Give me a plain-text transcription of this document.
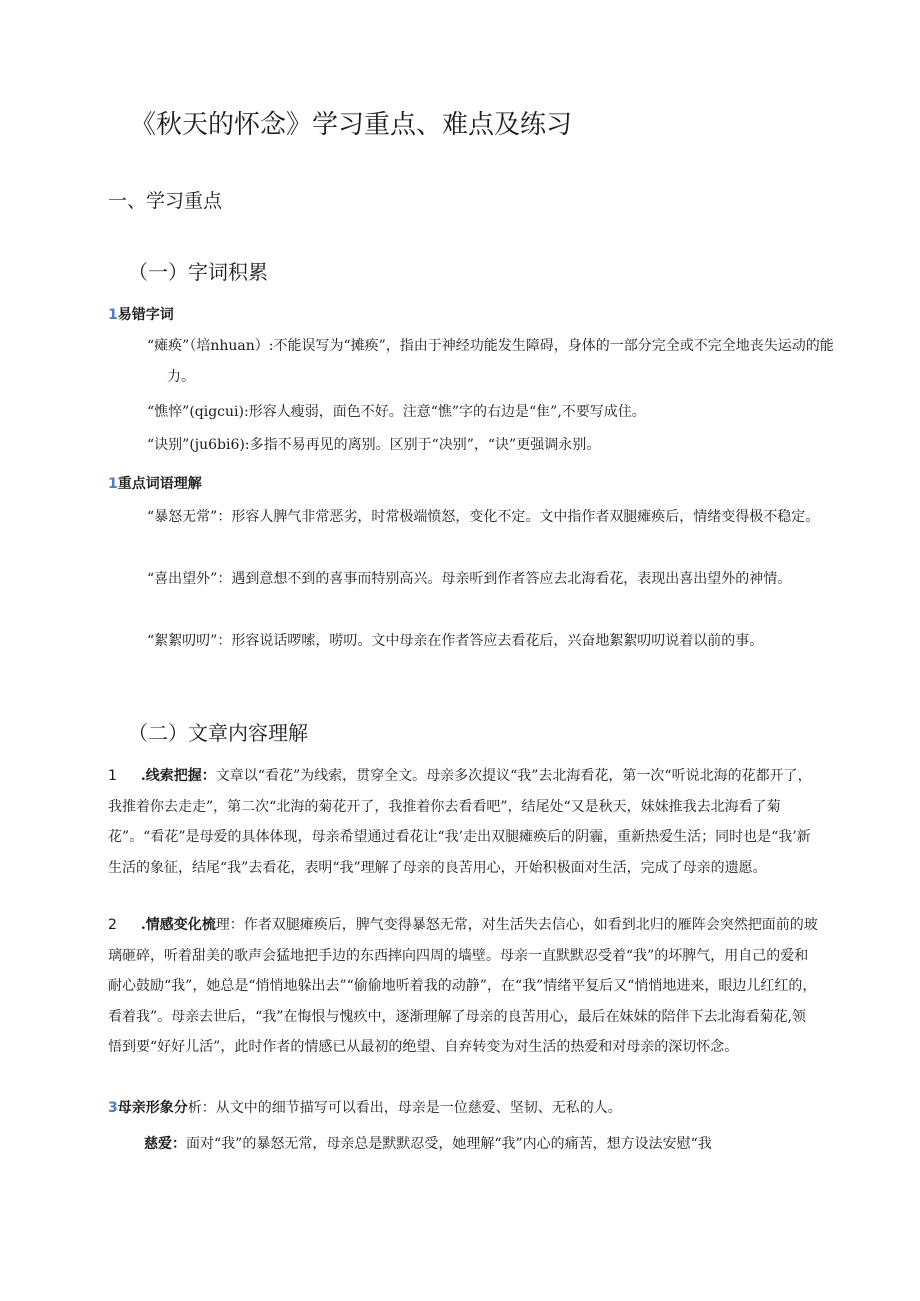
《秋天的怀念》学习重点、难点及练习
一、学习重点
（一）字词积累
1易错字词
“瘫痪”（培nhuan）:不能误写为“摊痪”，指由于神经功能发生障碍，身体的一部分完全或不完全地丧失运动的能力。
“憔悴”(qigcui):形容人瘦弱，面色不好。注意“憔”字的右边是“隹”,不要写成住。
“诀别”(ju6bi6):多指不易再见的离别。区别于“决别”，“诀”更强调永别。
1重点词语理解
“暴怒无常”：形容人脾气非常恶劣，时常极端愤怒，变化不定。文中指作者双腿瘫痪后，情绪变得极不稳定。
“喜出望外”：遇到意想不到的喜事而特别高兴。母亲听到作者答应去北海看花，表现出喜出望外的神情。
“絮絮叨叨”：形容说话啰嗦，唠叨。文中母亲在作者答应去看花后，兴奋地絮絮叨叨说着以前的事。
（二）文章内容理解
1 .线索把握：文章以“看花”为线索，贯穿全文。母亲多次提议“我”去北海看花，第一次“听说北海的花都开了，我推着你去走走”，第二次“北海的菊花开了，我推着你去看看吧”，结尾处“又是秋天，妹妹推我去北海看了菊花”。“看花”是母爱的具体体现，母亲希望通过看花让“我’走出双腿瘫痪后的阴霾，重新热爱生活；同时也是“我’新生活的象征，结尾“我”去看花，表明“我”理解了母亲的良苦用心，开始积极面对生活，完成了母亲的遗愿。
2 .情感变化梳理：作者双腿瘫痪后，脾气变得暴怒无常，对生活失去信心，如看到北归的雁阵会突然把面前的玻璃砸碎，听着甜美的歌声会猛地把手边的东西摔向四周的墙壁。母亲一直默默忍受着“我”的坏脾气，用自己的爱和耐心鼓励“我”，她总是“悄悄地躲出去”“偷偷地听着我的动静”，在“我”情绪平复后又“悄悄地进来，眼边儿红红的，看着我”。母亲去世后，“我”在悔恨与愧疚中，逐渐理解了母亲的良苦用心，最后在妹妹的陪伴下去北海看菊花,领悟到要“好好儿活”，此时作者的情感已从最初的绝望、自弃转变为对生活的热爱和对母亲的深切怀念。
3母亲形象分析：从文中的细节描写可以看出，母亲是一位慈爱、坚韧、无私的人。
慈爱：面对“我”的暴怒无常，母亲总是默默忍受，她理解“我”内心的痛苦，想方设法安慰“我
